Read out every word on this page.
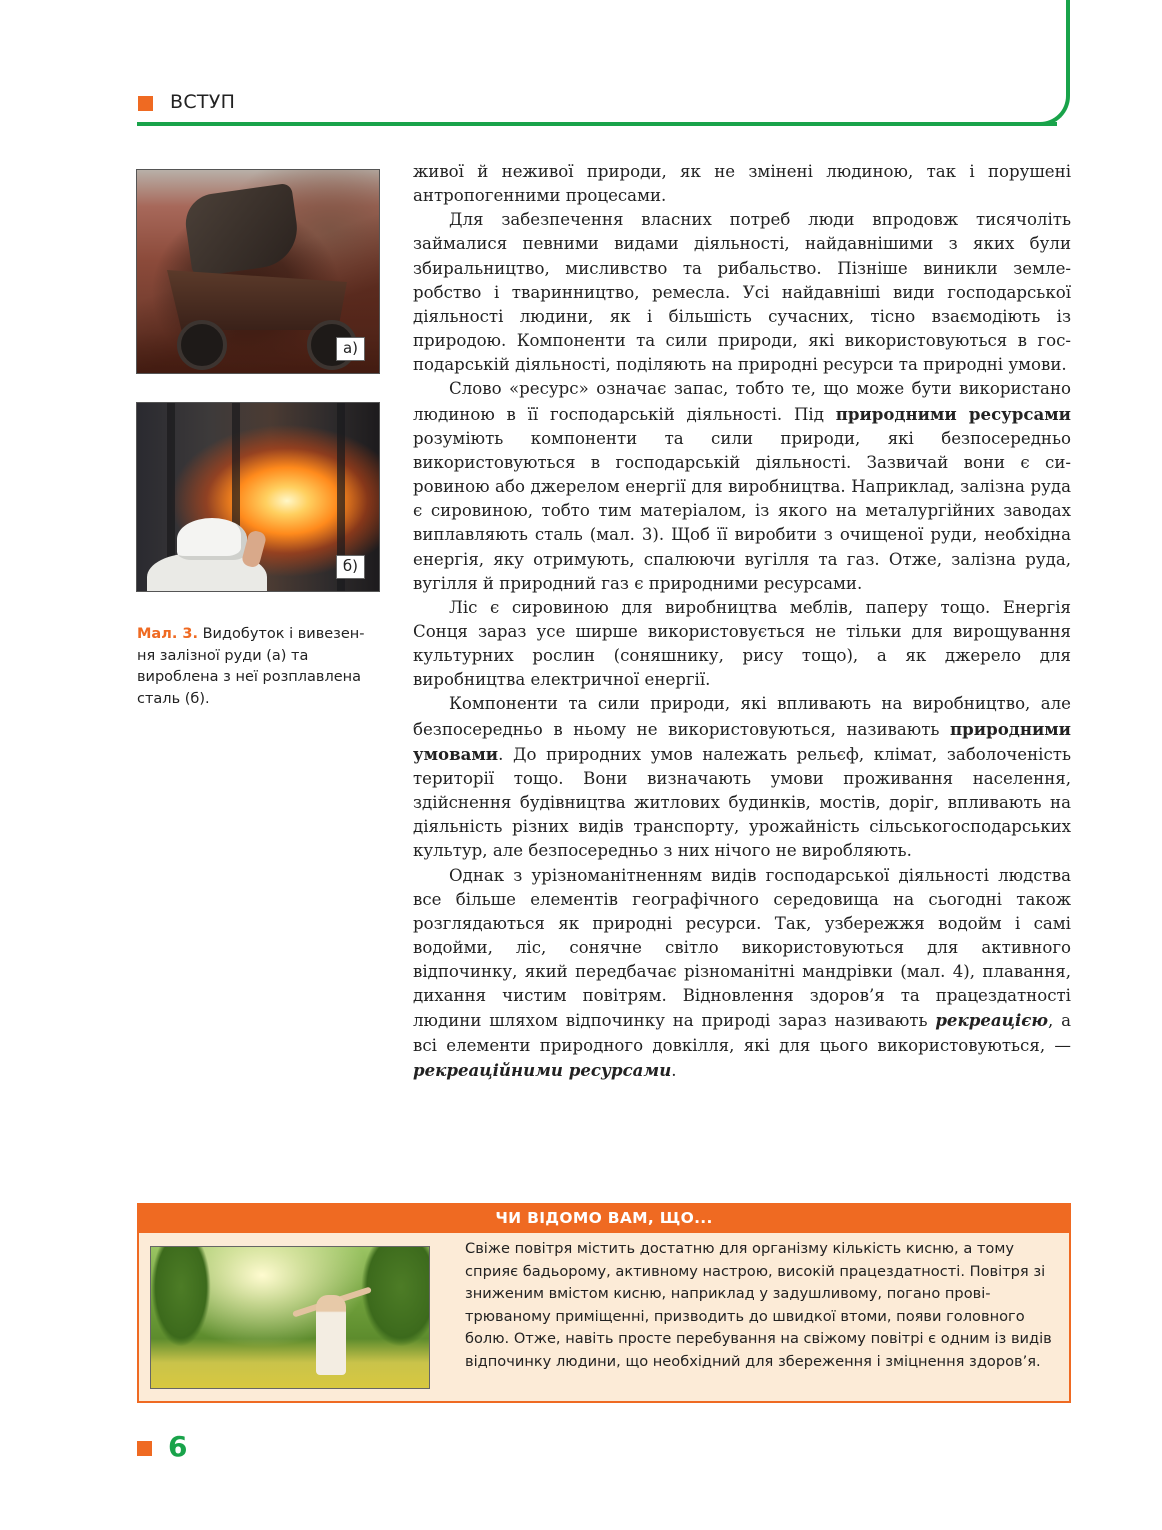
ВСТУП
а)
б)
Мал. 3. Видобуток і вивезення залізної руди (а) та вироблена з неї розплавлена сталь (б).

живої й неживої природи, як не змінені людиною, так і порушені антропогенними процесами.

Для забезпечення власних потреб люди впродовж тисячоліть займалися певними видами діяльності, найдавнішими з яких були збиральництво, мисливство та рибальство. Пізніше виникли землеробство і тваринництво, ремесла. Усі найдавніші види господарської діяльності людини, як і більшість сучасних, тісно взаємодіють із природою. Компоненти та сили природи, які використовуються в господарській діяльності, поділяють на природні ресурси та природні умови.

Слово «ресурс» означає запас, тобто те, що може бути використано людиною в її господарській діяльності. Під природними ресурсами розуміють компоненти та сили природи, які безпосередньо використовуються в господарській діяльності. Зазвичай вони є сировиною або джерелом енергії для виробництва. Наприклад, залізна руда є сировиною, тобто тим матеріалом, із якого на металургійних заводах виплавляють сталь (мал. 3). Щоб її виробити з очищеної руди, необхідна енергія, яку отримують, спалюючи вугілля та газ. Отже, залізна руда, вугілля й природний газ є природними ресурсами.

Ліс є сировиною для виробництва меблів, паперу тощо. Енергія Сонця зараз усе ширше використовується не тільки для вирощування культурних рослин (соняшнику, рису тощо), а як джерело для виробництва електричної енергії.

Компоненти та сили природи, які впливають на виробництво, але безпосередньо в ньому не використовуються, називають природними умовами. До природних умов належать рельєф, клімат, заболоченість території тощо. Вони визначають умови проживання населення, здійснення будівництва житлових будинків, мостів, доріг, впливають на діяльність різних видів транспорту, урожайність сільськогосподарських культур, але безпосередньо з них нічого не виробляють.

Однак з урізноманітненням видів господарської діяльності людства все більше елементів географічного середовища на сьогодні також розглядаються як природні ресурси. Так, узбережжя водойм і самі водойми, ліс, сонячне світло використовуються для активного відпочинку, який передбачає різноманітні мандрівки (мал. 4), плавання, дихання чистим повітрям. Відновлення здоров’я та працездатності людини шляхом відпочинку на природі зараз називають рекреацією, а всі елементи природного довкілля, які для цього використовуються, — рекреаційними ресурсами.

ЧИ ВІДОМО ВАМ, ЩО...
Свіже повітря містить достатню для організму кількість кисню, а тому сприяє бадьорому, активному настрою, високій працездатності. Повітря зі зниженим вмістом кисню, наприклад у задушливому, погано провітрюваному приміщенні, призводить до швидкої втоми, появи головного болю. Отже, навіть просте перебування на свіжому повітрі є одним із видів відпочинку людини, що необхідний для збереження і зміцнення здоров’я.
6
